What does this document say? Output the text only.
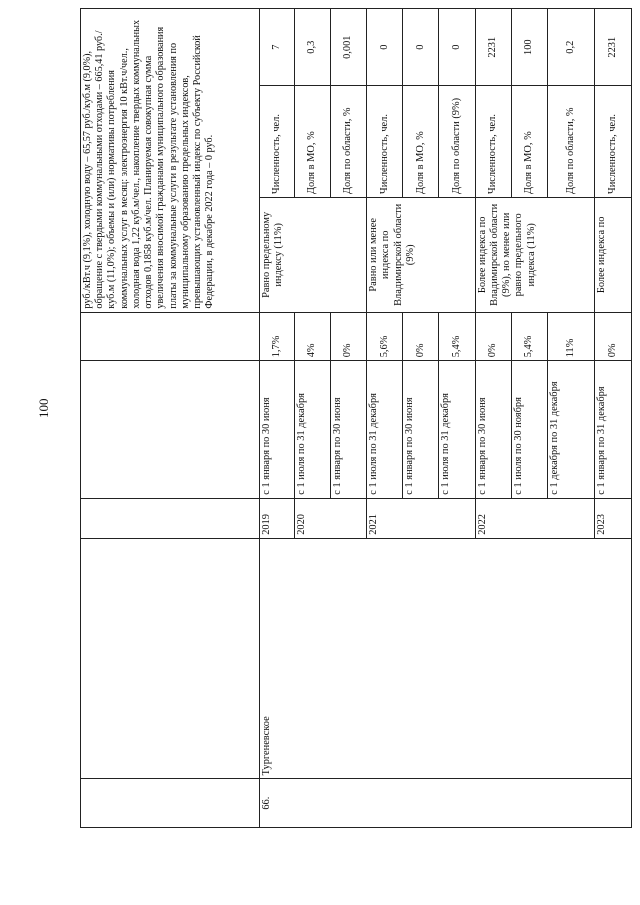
100
					руб./кВт.ч (9,1%), холодную воду – 65,57 руб./куб.м (9,0%), обращение с твердыми коммунальными отходами – 665,41 руб./куб.м (11,0%); объемы и (или) нормативы потребления коммунальных услуг в месяц: электроэнергия 10 кВт.ч/чел., холодная вода 1,22 куб.м/чел., накопление твердых коммунальных отходов 0,1858 куб.м/чел. Планируемая совокупная сумма увеличения вносимой гражданами муниципального образования платы за коммунальные услуги в результате установления по муниципальному образованию предельных индексов, превышающих установленный индекс по субъекту Российской Федерации, в декабре 2022 года – 0 руб.		
66.	Тургеневское	2019	с 1 января по 30 июня	1,7%	Равно предельному индексу (11%)	Численность, чел.	7
		2020	с 1 июля по 31 декабря	4%		Доля в МО, %	0,3
			с 1 января по 30 июня	0%		Доля по области, %	0,001
		2021	с 1 июля по 31 декабря	5,6%	Равно или менее индекса по Владимирской области (9%)	Численность, чел.	0
			с 1 января по 30 июня	0%		Доля в МО, %	0
			с 1 июля по 31 декабря	5,4%		Доля по области (9%)	0
		2022	с 1 января по 30 июня	0%	Более индекса по Владимирской области (9%), но менее или равно предельного индекса (11%)	Численность, чел.	2231
			с 1 июля по 30 ноября	5,4%		Доля в МО, %	100
			с 1 декабря по 31 декабря	11%		Доля по области, %	0,2
		2023	с 1 января по 31 декабря	0%	Более индекса по	Численность, чел.	2231
